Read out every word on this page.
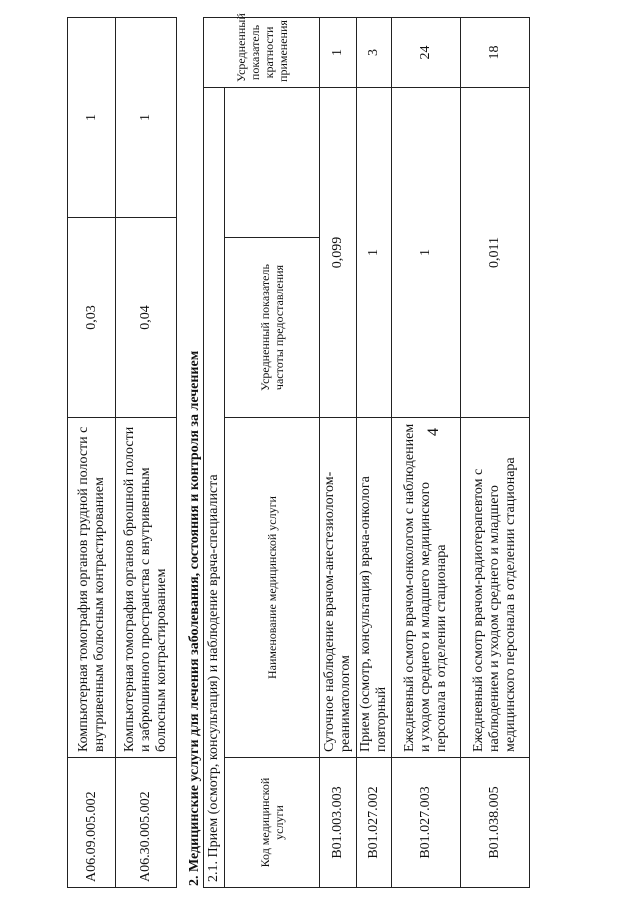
4
A06.09.005.002	Компьютерная томография органов грудной полости с внутривенным болюсным контрастированием	0,03	1
A06.30.005.002	Компьютерная томография органов брюшной полости и забрюшинного пространства с внутривенным болюсным контрастированием	0,04	1
2. Медицинские услуги для лечения заболевания, состояния и контроля за лечением 2.1. Прием (осмотр, консультация) и наблюдение врача-специалиста				Усредненный показатель кратности применения
Код медицинской услуги	Наименование медицинской услуги	Усредненный показатель частоты предоставления		
B01.003.003	Суточное наблюдение врачом-анестезиологом-реаниматологом	0,099		1
B01.027.002	Прием (осмотр, консультация) врача-онколога повторный	1		3
B01.027.003	Ежедневный осмотр врачом-онкологом с наблюдением и уходом среднего и младшего медицинского персонала в отделении стационара	1		24
B01.038.005	Ежедневный осмотр врачом-радиотерапевтом с наблюдением и уходом среднего и младшего медицинского персонала в отделении стационара	0,011		18
